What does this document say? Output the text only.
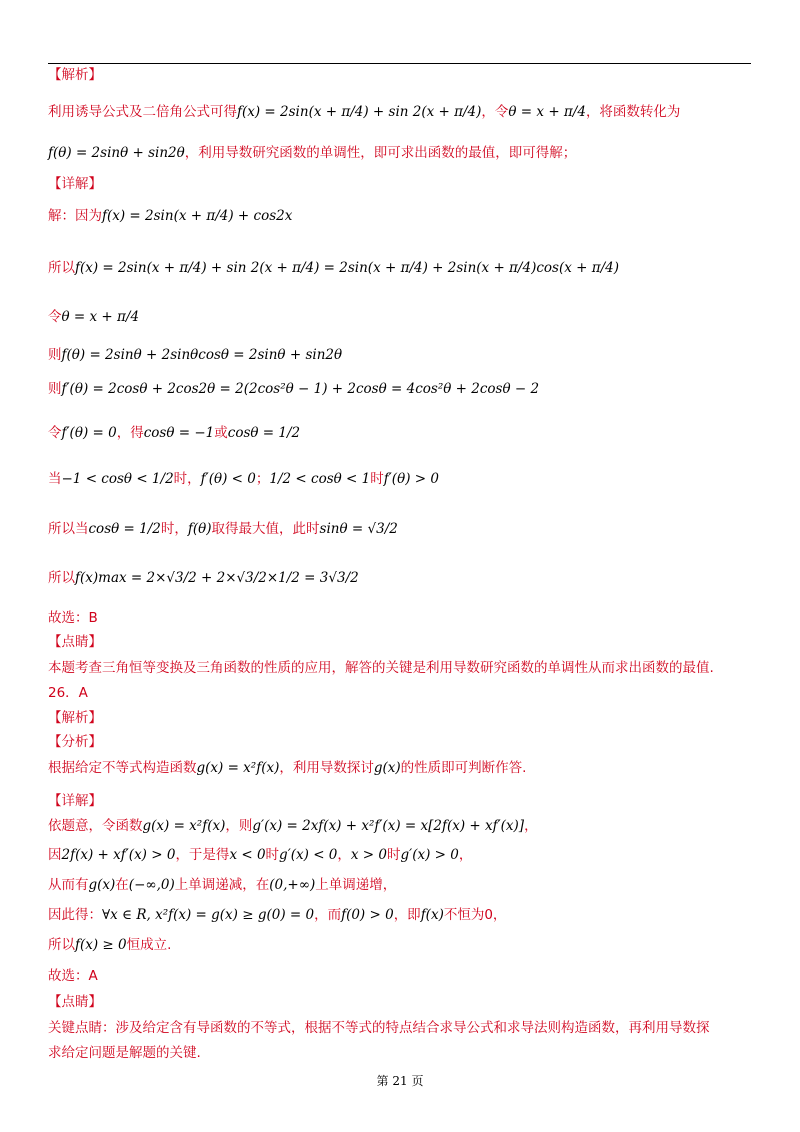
【解析】
利用诱导公式及二倍角公式可得f(x) = 2sin(x + π/4) + sin 2(x + π/4)，令θ = x + π/4，将函数转化为
f(θ) = 2sinθ + sin2θ，利用导数研究函数的单调性，即可求出函数的最值，即可得解；
【详解】
解：因为f(x) = 2sin(x + π/4) + cos2x
所以f(x) = 2sin(x + π/4) + sin 2(x + π/4) = 2sin(x + π/4) + 2sin(x + π/4)cos(x + π/4)
令θ = x + π/4
则f(θ) = 2sinθ + 2sinθcosθ = 2sinθ + sin2θ
则f′(θ) = 2cosθ + 2cos2θ = 2(2cos²θ − 1) + 2cosθ = 4cos²θ + 2cosθ − 2
令f′(θ) = 0，得cosθ = −1或cosθ = 1/2
当−1 < cosθ < 1/2时，f′(θ) < 0；1/2 < cosθ < 1时f′(θ) > 0
所以当cosθ = 1/2时，f(θ)取得最大值，此时sinθ = √3/2
所以f(x)max = 2×√3/2 + 2×√3/2×1/2 = 3√3/2
故选：B
【点睛】
本题考查三角恒等变换及三角函数的性质的应用，解答的关键是利用导数研究函数的单调性从而求出函数的最值.
26．A
【解析】
【分析】
根据给定不等式构造函数g(x) = x²f(x)，利用导数探讨g(x)的性质即可判断作答.
【详解】
依题意，令函数g(x) = x²f(x)，则g′(x) = 2xf(x) + x²f′(x) = x[2f(x) + xf′(x)]，
因2f(x) + xf′(x) > 0，于是得x < 0时g′(x) < 0，x > 0时g′(x) > 0，
从而有g(x)在(−∞,0)上单调递减，在(0,+∞)上单调递增，
因此得：∀x ∈ R, x²f(x) = g(x) ≥ g(0) = 0，而f(0) > 0，即f(x)不恒为0，
所以f(x) ≥ 0恒成立.
故选：A
【点睛】
关键点睛：涉及给定含有导函数的不等式，根据不等式的特点结合求导公式和求导法则构造函数，再利用导数探
求给定问题是解题的关键.
第 21 页
